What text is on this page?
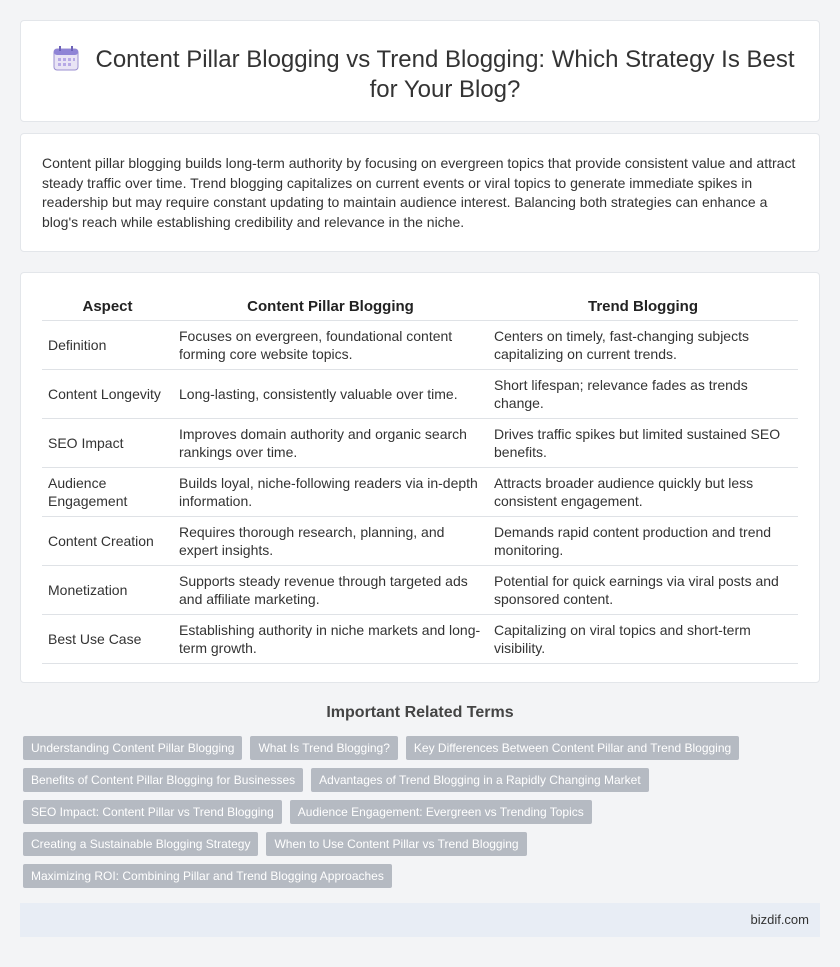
Content Pillar Blogging vs Trend Blogging: Which Strategy Is Best for Your Blog?

Content pillar blogging builds long-term authority by focusing on evergreen topics that provide consistent value and attract steady traffic over time. Trend blogging capitalizes on current events or viral topics to generate immediate spikes in readership but may require constant updating to maintain audience interest. Balancing both strategies can enhance a blog's reach while establishing credibility and relevance in the niche.

Aspect	Content Pillar Blogging	Trend Blogging
Definition	Focuses on evergreen, foundational content forming core website topics.	Centers on timely, fast-changing subjects capitalizing on current trends.
Content Longevity	Long-lasting, consistently valuable over time.	Short lifespan; relevance fades as trends change.
SEO Impact	Improves domain authority and organic search rankings over time.	Drives traffic spikes but limited sustained SEO benefits.
Audience Engagement	Builds loyal, niche-following readers via in-depth information.	Attracts broader audience quickly but less consistent engagement.
Content Creation	Requires thorough research, planning, and expert insights.	Demands rapid content production and trend monitoring.
Monetization	Supports steady revenue through targeted ads and affiliate marketing.	Potential for quick earnings via viral posts and sponsored content.
Best Use Case	Establishing authority in niche markets and long-term growth.	Capitalizing on viral topics and short-term visibility.
Important Related Terms
Understanding Content Pillar Blogging	What Is Trend Blogging?	Key Differences Between Content Pillar and Trend Blogging
Benefits of Content Pillar Blogging for Businesses	Advantages of Trend Blogging in a Rapidly Changing Market
SEO Impact: Content Pillar vs Trend Blogging	Audience Engagement: Evergreen vs Trending Topics
Creating a Sustainable Blogging Strategy	When to Use Content Pillar vs Trend Blogging
Maximizing ROI: Combining Pillar and Trend Blogging Approaches
bizdif.com
